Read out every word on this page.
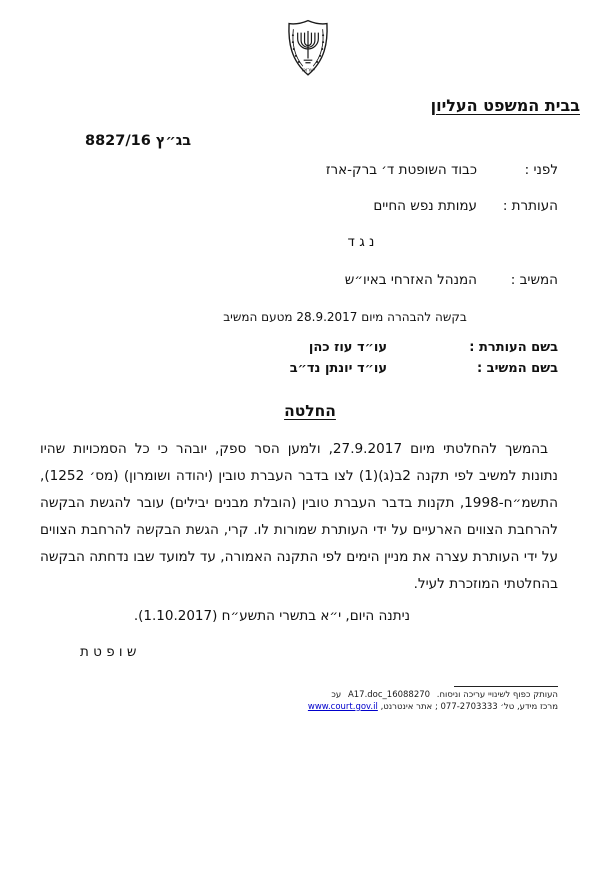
ישראל
בבית המשפט העליון
בג״ץ 8827/16
לפני :
כבוד השופטת ד׳ ברק-ארז
העותרת :
עמותת נפש החיים
נ ג ד
המשיב :
המנהל האזרחי באיו״ש
בקשה להבהרה מיום 28.9.2017 מטעם המשיב
בשם העותרת :
עו״ד עוז כהן
בשם המשיב :
עו״ד יונתן נד״ב
החלטה
בהמשך להחלטתי מיום 27.9.2017, ולמען הסר ספק, יובהר כי כל הסמכויות שהיו נתונות למשיב לפי תקנה 2ב(ג)(1) לצו בדבר העברת טובין (יהודה ושומרון) (מס׳ 1252), התשמ״ח-1998, תקנות בדבר העברת טובין (הובלת מבנים יבילים) עובר להגשת הבקשה להרחבת הצווים הארעיים על ידי העותרת שמורות לו. קרי, הגשת הבקשה להרחבת הצווים על ידי העותרת עצרה את מניין הימים לפי התקנה האמורה, עד למועד שבו נדחתה הבקשה בהחלטתי המוזכרת לעיל.
ניתנה היום, י״א בתשרי התשע״ח (1.10.2017).
ש ו פ ט ת
העותק כפוף לשינויי עריכה וניסוח. 16088270_A17.doc עכ
מרכז מידע, טל׳ 077-2703333 ; אתר אינטרנט, www.court.gov.il
